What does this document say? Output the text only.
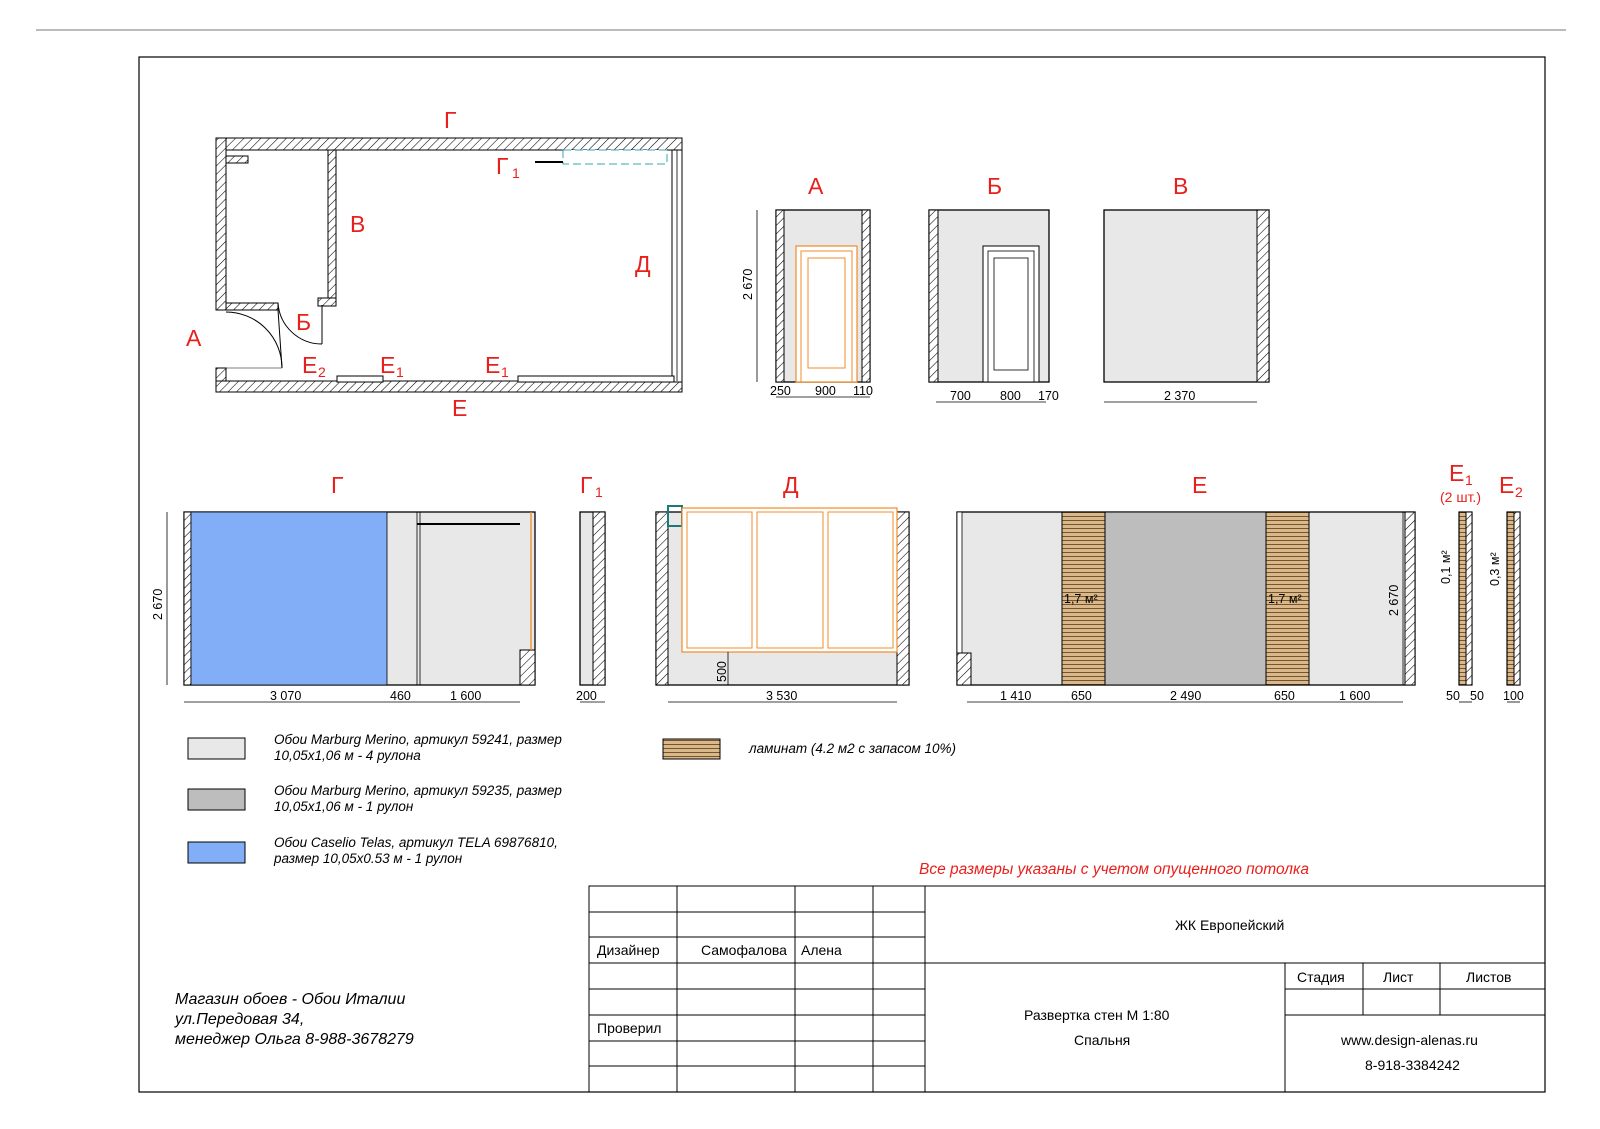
Г
Г 1
В
Д
Б
А
Е 2 Е 1	Е 1
Е
А
2 670
250 900 110
Б
700 800 170
В
2 370
Г
2 670
3 070	460	1 600
Г 1
200
Д
500
3 530
Е
1,7 м²	1,7 м²	2 670
1 410	650	2 490	650	1 600
Е 1
(2 шт.)
0,1 м²
50 50
Е 2
0,3 м²
100
Обои Marburg Merino, артикул 59241, размер
10,05x1,06 м - 4 рулона
Обои Marburg Merino, артикул 59235, размер
10,05x1,06 м - 1 рулон
Обои Caselio Telas, артикул TELA 69876810,
размер 10,05x0.53 м - 1 рулон
ламинат (4.2 м2 с запасом 10%)
Все размеры указаны с учетом опущенного потолка
Магазин обоев - Обои Италии
ул.Передовая 34,
менеджер Ольга 8-988-3678279
Дизайнер	Самофалова Алена
Проверил
ЖК Европейский
Развертка стен М 1:80
Спальня
Стадия	Лист	Листов
www.design-alenas.ru
8-918-3384242
